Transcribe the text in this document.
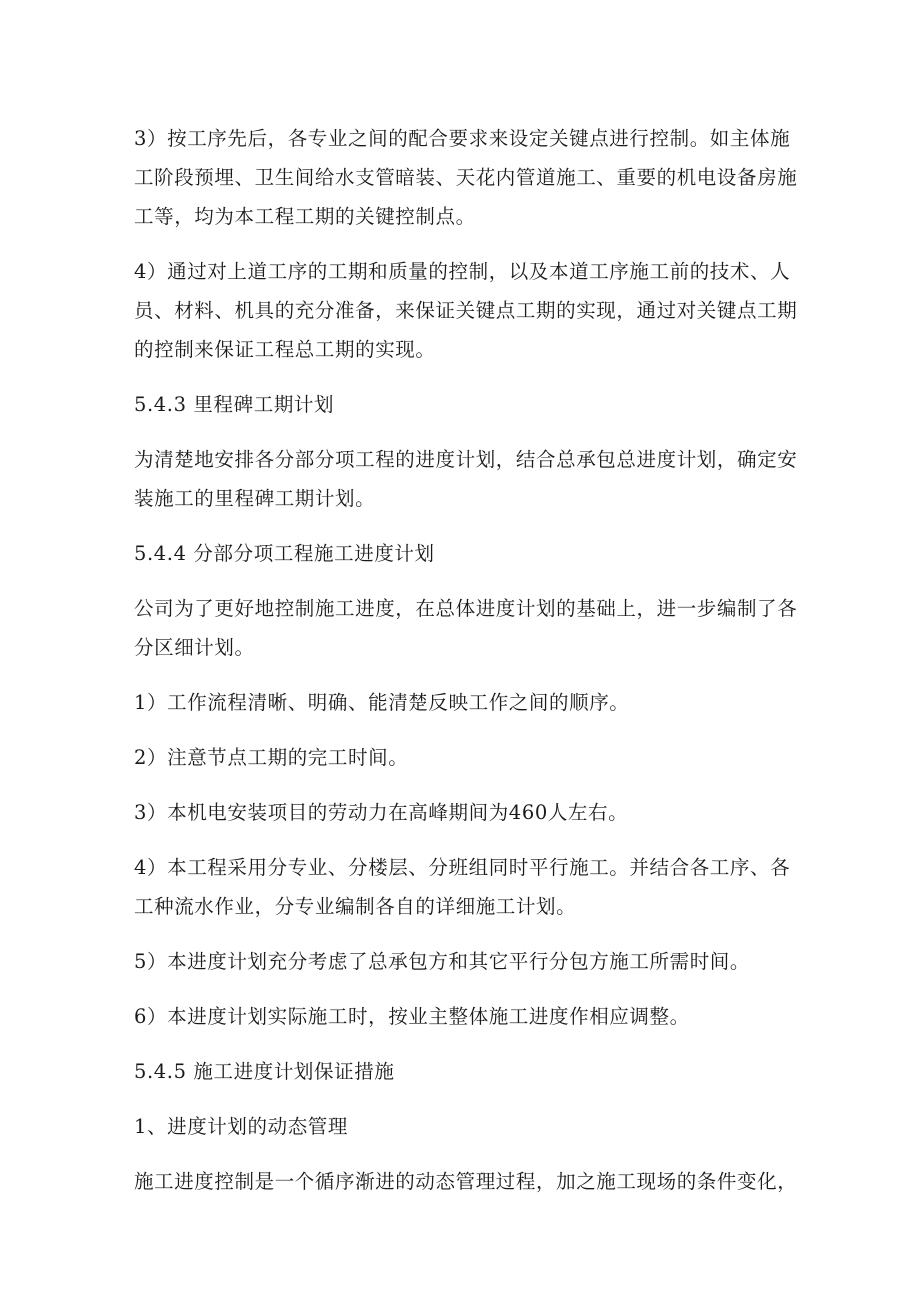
3）按工序先后，各专业之间的配合要求来设定关键点进行控制。如主体施
工阶段预埋、卫生间给水支管暗装、天花内管道施工、重要的机电设备房施
工等，均为本工程工期的关键控制点。
4）通过对上道工序的工期和质量的控制，以及本道工序施工前的技术、人
员、材料、机具的充分准备，来保证关键点工期的实现，通过对关键点工期
的控制来保证工程总工期的实现。
5.4.3 里程碑工期计划
为清楚地安排各分部分项工程的进度计划，结合总承包总进度计划，确定安
装施工的里程碑工期计划。
5.4.4 分部分项工程施工进度计划
公司为了更好地控制施工进度，在总体进度计划的基础上，进一步编制了各
分区细计划。
1）工作流程清晰、明确、能清楚反映工作之间的顺序。
2）注意节点工期的完工时间。
3）本机电安装项目的劳动力在高峰期间为460人左右。
4）本工程采用分专业、分楼层、分班组同时平行施工。并结合各工序、各
工种流水作业，分专业编制各自的详细施工计划。
5）本进度计划充分考虑了总承包方和其它平行分包方施工所需时间。
6）本进度计划实际施工时，按业主整体施工进度作相应调整。
5.4.5 施工进度计划保证措施
1、进度计划的动态管理
施工进度控制是一个循序渐进的动态管理过程，加之施工现场的条件变化，
